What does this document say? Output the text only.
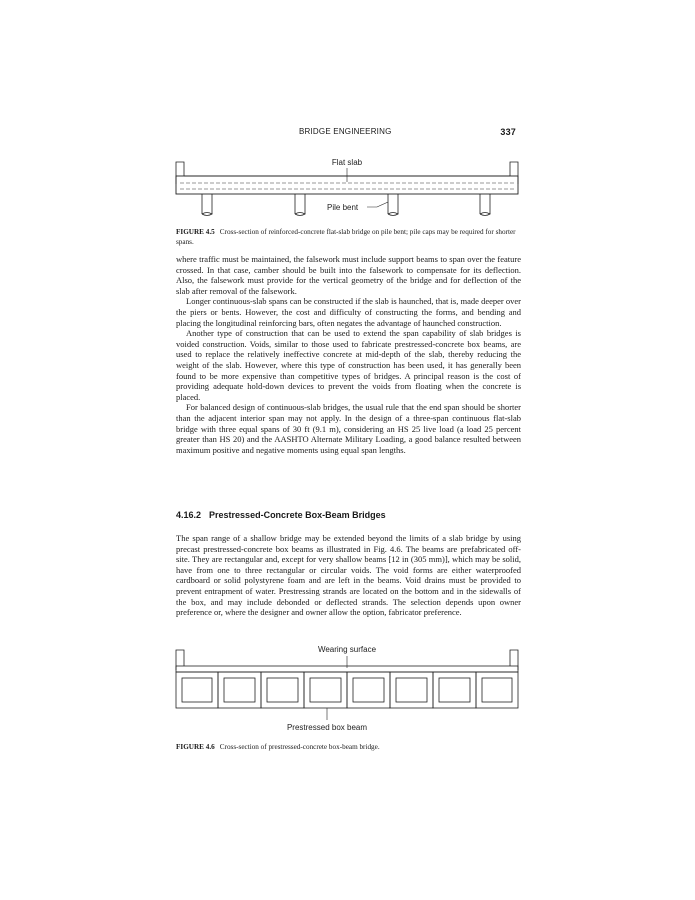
BRIDGE ENGINEERING	337
Flat slab
Pile bent
FIGURE 4.5 Cross-section of reinforced-concrete flat-slab bridge on pile bent; pile caps may be required for shorter spans.

where traffic must be maintained, the falsework must include support beams to span over the feature crossed. In that case, camber should be built into the falsework to compensate for its deflection. Also, the falsework must provide for the vertical geometry of the bridge and for deflection of the slab after removal of the falsework.

Longer continuous-slab spans can be constructed if the slab is haunched, that is, made deeper over the piers or bents. However, the cost and difficulty of constructing the forms, and bending and placing the longitudinal reinforcing bars, often negates the advantage of haunched construction.

Another type of construction that can be used to extend the span capability of slab bridges is voided construction. Voids, similar to those used to fabricate prestressed-concrete box beams, are used to replace the relatively ineffective concrete at mid-depth of the slab, thereby reducing the weight of the slab. However, where this type of construction has been used, it has generally been found to be more expensive than competitive types of bridges. A principal reason is the cost of providing adequate hold-down devices to prevent the voids from floating when the concrete is placed.

For balanced design of continuous-slab bridges, the usual rule that the end span should be shorter than the adjacent interior span may not apply. In the design of a three-span continuous flat-slab bridge with three equal spans of 30 ft (9.1 m), considering an HS 25 live load (a load 25 percent greater than HS 20) and the AASHTO Alternate Military Loading, a good balance resulted between maximum positive and negative moments using equal span lengths.

4.16.2 Prestressed-Concrete Box-Beam Bridges

The span range of a shallow bridge may be extended beyond the limits of a slab bridge by using precast prestressed-concrete box beams as illustrated in Fig. 4.6. The beams are prefabricated off-site. They are rectangular and, except for very shallow beams [12 in (305 mm)], which may be solid, have from one to three rectangular or circular voids. The void forms are either waterproofed cardboard or solid polystyrene foam and are left in the beams. Void drains must be provided to prevent entrapment of water. Prestressing strands are located on the bottom and in the sidewalls of the box, and may include debonded or deflected strands. The selection depends upon owner preference or, where the designer and owner allow the option, fabricator preference.

Wearing surface
Prestressed box beam
FIGURE 4.6 Cross-section of prestressed-concrete box-beam bridge.
